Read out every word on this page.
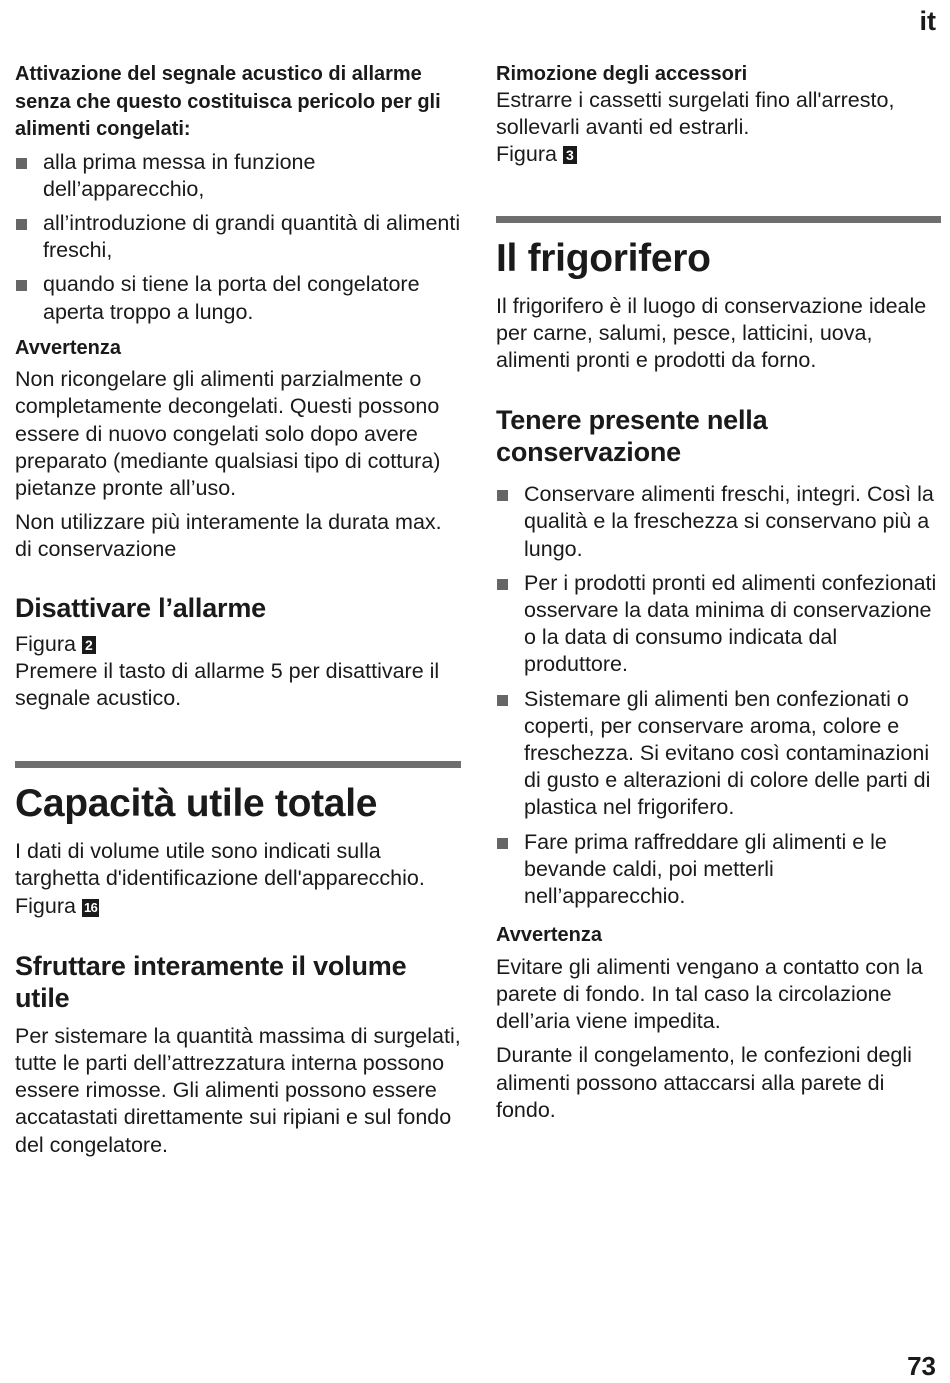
it

Attivazione del segnale acustico di allarme senza che questo costituisca pericolo per gli alimenti congelati:

alla prima messa in funzione dell’apparecchio,
all’introduzione di grandi quantità di alimenti freschi,
quando si tiene la porta del congelatore aperta troppo a lungo.

Avvertenza

Non ricongelare gli alimenti parzialmente o completamente decongelati. Questi possono essere di nuovo congelati solo dopo avere preparato (mediante qualsiasi tipo di cottura) pietanze pronte all’uso.

Non utilizzare più interamente la durata max. di conservazione

Disattivare l’allarme

Figura 2

Premere il tasto di allarme 5 per disattivare il segnale acustico.

Capacità utile totale

I dati di volume utile sono indicati sulla targhetta d'identificazione dell'apparecchio. Figura 16

Sfruttare interamente il volume utile

Per sistemare la quantità massima di surgelati, tutte le parti dell’attrezzatura interna possono essere rimosse. Gli alimenti possono essere accatastati direttamente sui ripiani e sul fondo del congelatore.

Rimozione degli accessori

Estrarre i cassetti surgelati fino all'arresto, sollevarli avanti ed estrarli.

Figura 3

Il frigorifero

Il frigorifero è il luogo di conservazione ideale per carne, salumi, pesce, latticini, uova, alimenti pronti e prodotti da forno.

Tenere presente nella conservazione
Conservare alimenti freschi, integri. Così la qualità e la freschezza si conservano più a lungo.
Per i prodotti pronti ed alimenti confezionati osservare la data minima di conservazione o la data di consumo indicata dal produttore.
Sistemare gli alimenti ben confezionati o coperti, per conservare aroma, colore e freschezza. Si evitano così contaminazioni di gusto e alterazioni di colore delle parti di plastica nel frigorifero.
Fare prima raffreddare gli alimenti e le bevande caldi, poi metterli nell’apparecchio.

Avvertenza

Evitare gli alimenti vengano a contatto con la parete di fondo. In tal caso la circolazione dell’aria viene impedita.

Durante il congelamento, le confezioni degli alimenti possono attaccarsi alla parete di fondo.

73
